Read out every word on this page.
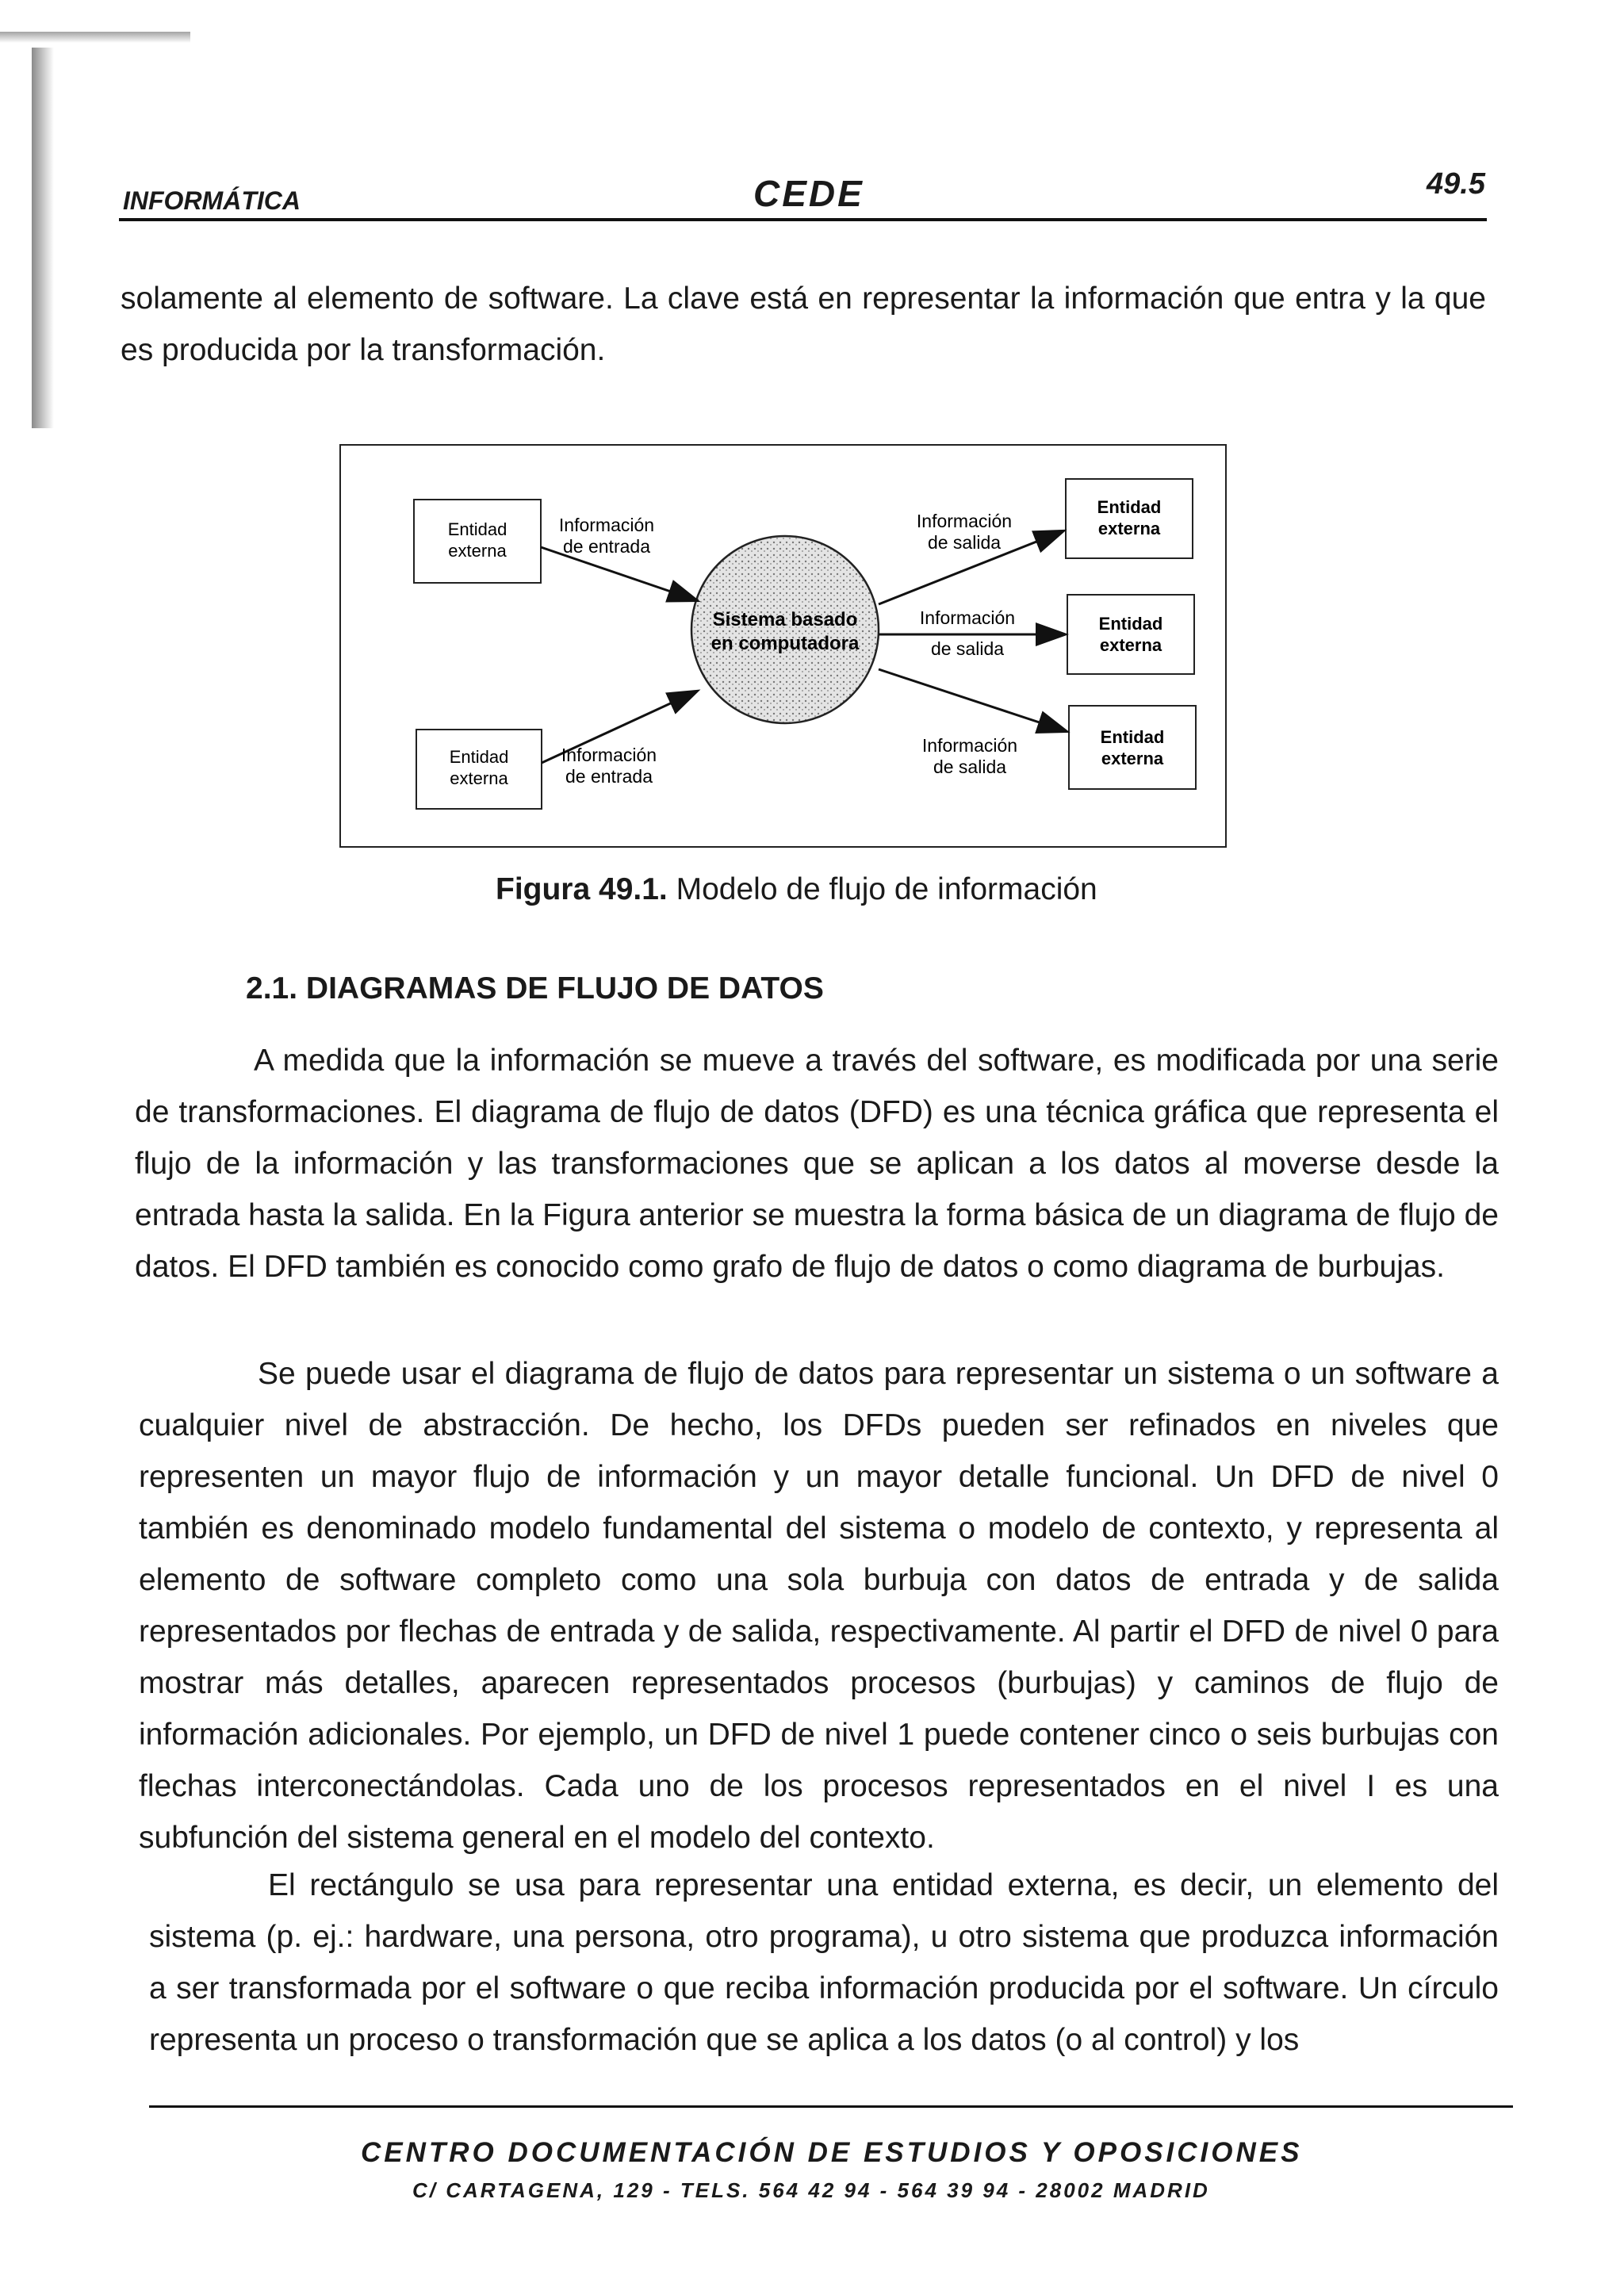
INFORMÁTICA	CEDE	49.5

solamente al elemento de software. La clave está en representar la información que entra y la que es producida por la transformación.

Sistema basado
en computadora
Entidad
externa
Entidad
externa
Entidad
externa
Entidad
externa
Entidad
externa
Información
de entrada
Información
de entrada
Información
de salida
Información
de salida
Información
de salida
Figura 49.1. Modelo de flujo de información
2.1. DIAGRAMAS DE FLUJO DE DATOS

A medida que la información se mueve a través del software, es modificada por una serie de transformaciones. El diagrama de flujo de datos (DFD) es una técnica gráfica que representa el flujo de la información y las transformaciones que se aplican a los datos al moverse desde la entrada hasta la salida. En la Figura anterior se muestra la forma básica de un diagrama de flujo de datos. El DFD también es conocido como grafo de flujo de datos o como diagrama de burbujas.

Se puede usar el diagrama de flujo de datos para representar un sistema o un software a cualquier nivel de abstracción. De hecho, los DFDs pueden ser refinados en niveles que representen un mayor flujo de información y un mayor detalle funcional. Un DFD de nivel 0 también es denominado modelo fundamental del sistema o modelo de contexto, y representa al elemento de software completo como una sola burbuja con datos de entrada y de salida representados por flechas de entrada y de salida, respectivamente. Al partir el DFD de nivel 0 para mostrar más detalles, aparecen representados procesos (burbujas) y caminos de flujo de información adicionales. Por ejemplo, un DFD de nivel 1 puede contener cinco o seis burbujas con flechas interconectándolas. Cada uno de los procesos representados en el nivel I es una subfunción del sistema general en el modelo del contexto.

El rectángulo se usa para representar una entidad externa, es decir, un elemento del sistema (p. ej.: hardware, una persona, otro programa), u otro sistema que produzca información a ser transformada por el software o que reciba información producida por el software. Un círculo representa un proceso o transformación que se aplica a los datos (o al control) y los

CENTRO DOCUMENTACIÓN DE ESTUDIOS Y OPOSICIONES
C/ CARTAGENA, 129 - TELS. 564 42 94 - 564 39 94 - 28002 MADRID
